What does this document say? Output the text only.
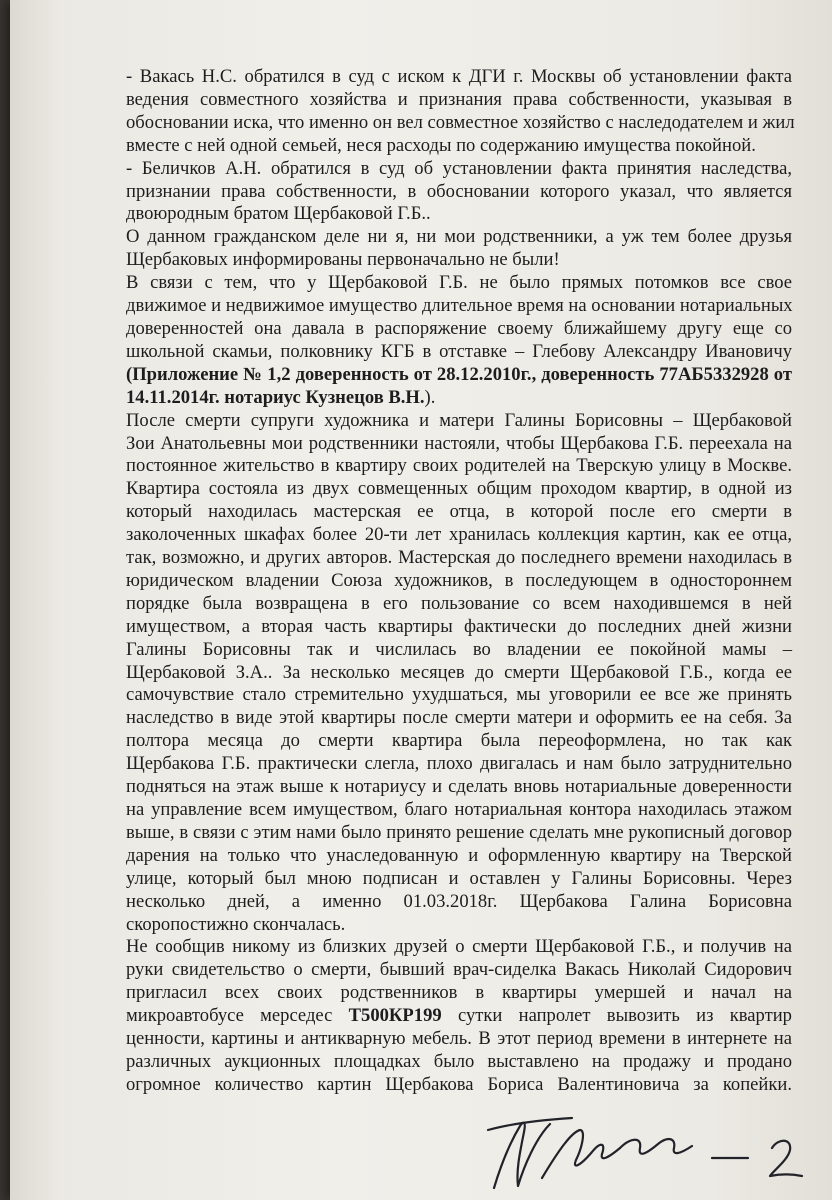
- Вакась Н.С. обратился в суд с иском к ДГИ г. Москвы об установлении факта
ведения совместного хозяйства и признания права собственности, указывая в
обосновании иска, что именно он вел совместное хозяйство с наследодателем и жил
вместе с ней одной семьей, неся расходы по содержанию имущества покойной.
- Беличков А.Н. обратился в суд об установлении факта принятия наследства,
признании права собственности, в обосновании которого указал, что является
двоюродным братом Щербаковой Г.Б..
О данном гражданском деле ни я, ни мои родственники, а уж тем более друзья
Щербаковых информированы первоначально не были!
В связи с тем, что у Щербаковой Г.Б. не было прямых потомков все свое
движимое и недвижимое имущество длительное время на основании нотариальных
доверенностей она давала в распоряжение своему ближайшему другу еще со
школьной скамьи, полковнику КГБ в отставке – Глебову Александру Ивановичу
(Приложение № 1,2 доверенность от 28.12.2010г., доверенность 77АБ5332928 от
14.11.2014г. нотариус Кузнецов В.Н.).
После смерти супруги художника и матери Галины Борисовны – Щербаковой
Зои Анатольевны мои родственники настояли, чтобы Щербакова Г.Б. переехала на
постоянное жительство в квартиру своих родителей на Тверскую улицу в Москве.
Квартира состояла из двух совмещенных общим проходом квартир, в одной из
который находилась мастерская ее отца, в которой после его смерти в
заколоченных шкафах более 20-ти лет хранилась коллекция картин, как ее отца,
так, возможно, и других авторов. Мастерская до последнего времени находилась в
юридическом владении Союза художников, в последующем в одностороннем
порядке была возвращена в его пользование со всем находившемся в ней
имуществом, а вторая часть квартиры фактически до последних дней жизни
Галины Борисовны так и числилась во владении ее покойной мамы –
Щербаковой З.А.. За несколько месяцев до смерти Щербаковой Г.Б., когда ее
самочувствие стало стремительно ухудшаться, мы уговорили ее все же принять
наследство в виде этой квартиры после смерти матери и оформить ее на себя. За
полтора месяца до смерти квартира была переоформлена, но так как
Щербакова Г.Б. практически слегла, плохо двигалась и нам было затруднительно
подняться на этаж выше к нотариусу и сделать вновь нотариальные доверенности
на управление всем имуществом, благо нотариальная контора находилась этажом
выше, в связи с этим нами было принято решение сделать мне рукописный договор
дарения на только что унаследованную и оформленную квартиру на Тверской
улице, который был мною подписан и оставлен у Галины Борисовны. Через
несколько дней, а именно 01.03.2018г. Щербакова Галина Борисовна
скоропостижно скончалась.
Не сообщив никому из близких друзей о смерти Щербаковой Г.Б., и получив на
руки свидетельство о смерти, бывший врач-сиделка Вакась Николай Сидорович
пригласил всех своих родственников в квартиры умершей и начал на
микроавтобусе мерседес Т500КР199 сутки напролет вывозить из квартир
ценности, картины и антикварную мебель. В этот период времени в интернете на
различных аукционных площадках было выставлено на продажу и продано
огромное количество картин Щербакова Бориса Валентиновича за копейки.
